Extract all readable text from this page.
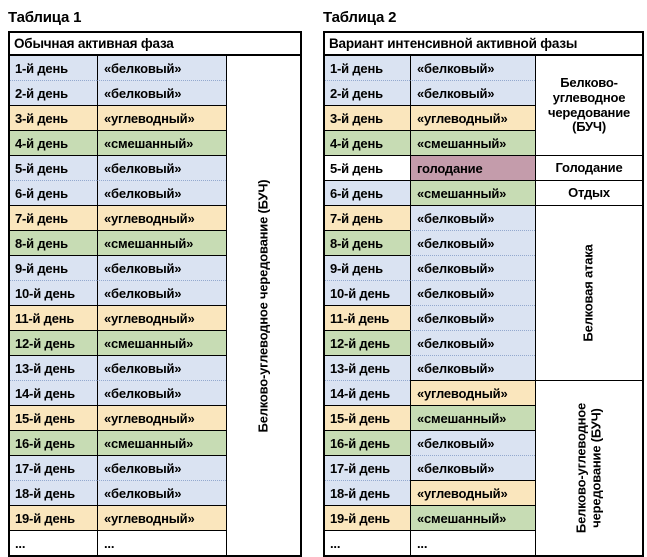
Таблица 1
Обычная активная фаза		
1-й день	«белковый»	Белково-углеводное чередование (БУЧ)

2-й день	«белковый»	
3-й день	«углеводный»	
4-й день	«смешанный»	
5-й день	«белковый»	
6-й день	«белковый»	
7-й день	«углеводный»	
8-й день	«смешанный»	
9-й день	«белковый»	
10-й день	«белковый»	
11-й день	«углеводный»	
12-й день	«смешанный»	
13-й день	«белковый»	
14-й день	«белковый»	
15-й день	«углеводный»	
16-й день	«смешанный»	
17-й день	«белковый»	
18-й день	«белковый»	
19-й день	«углеводный»	
...	...	
Таблица 2
Вариант интенсивной активной фазы		
1-й день	«белковый»	Белково-углеводное чередование (БУЧ)

2-й день	«белковый»	
3-й день	«углеводный»	
4-й день	«смешанный»	
5-й день	голодание	Голодание

6-й день	«смешанный»	Отдых

7-й день	«белковый»	Белковая атака

8-й день	«белковый»	
9-й день	«белковый»	
10-й день	«белковый»	
11-й день	«белковый»	
12-й день	«белковый»	
13-й день	«белковый»	
14-й день	«углеводный»	Белково-углеводное чередование (БУЧ)

15-й день	«смешанный»	
16-й день	«белковый»	
17-й день	«белковый»	
18-й день	«углеводный»	
19-й день	«смешанный»	
...	...	
